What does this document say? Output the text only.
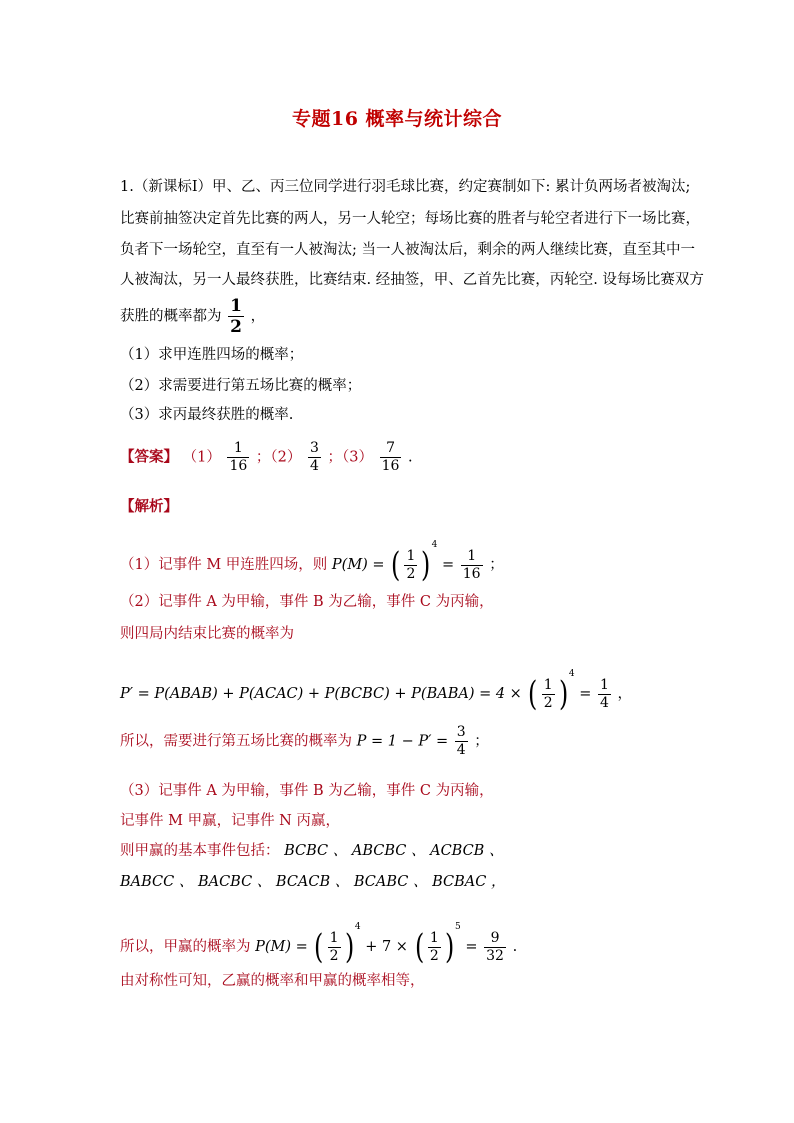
专题16 概率与统计综合
1.（新课标Ⅰ）甲、乙、丙三位同学进行羽毛球比赛，约定赛制如下: 累计负两场者被淘汰;
比赛前抽签决定首先比赛的两人，另一人轮空；每场比赛的胜者与轮空者进行下一场比赛，
负者下一场轮空，直至有一人被淘汰; 当一人被淘汰后，剩余的两人继续比赛，直至其中一
人被淘汰，另一人最终获胜，比赛结束. 经抽签，甲、乙首先比赛，丙轮空. 设每场比赛双方
获胜的概率都为 $\frac{1}{2}$ ，
（1）求甲连胜四场的概率；
（2）求需要进行第五场比赛的概率；
（3）求丙最终获胜的概率.
【答案】 $(1) \frac{1}{16}$ ；$(2) \frac{3}{4}$ ；$(3) \frac{7}{16}$ .
【解析】
（1）记事件 M 甲连胜四场，则 P(M) = ( $\frac{1}{2} )^4 = \frac{1}{16}$ ；
（2）记事件 A 为甲输，事件 B 为乙输，事件 C 为丙输，
则四局内结束比赛的概率为
P′ = P(ABAB) + P(ACAC) + P(BCBC) + P(BABA) = 4 × ( $\frac{1}{2} )^4 = \frac{1}{4}$ ，
所以，需要进行第五场比赛的概率为 $P = 1 - P' = \frac{3}{4}$ ；
（3）记事件 A 为甲输，事件 B 为乙输，事件 C 为丙输，
记事件 M 甲赢，记事件 N 丙赢，
则甲赢的基本事件包括： BCBC 、 ABCBC 、 ACBCB 、
BABCC 、 BACBC 、 BCACB 、 BCABC 、 BCBAC ，
所以，甲赢的概率为 P(M) = ( $\frac{1}{2} )^4 + 7$ × ( $\frac{1}{2} )^5 = \frac{9}{32}$ .
由对称性可知，乙赢的概率和甲赢的概率相等，
